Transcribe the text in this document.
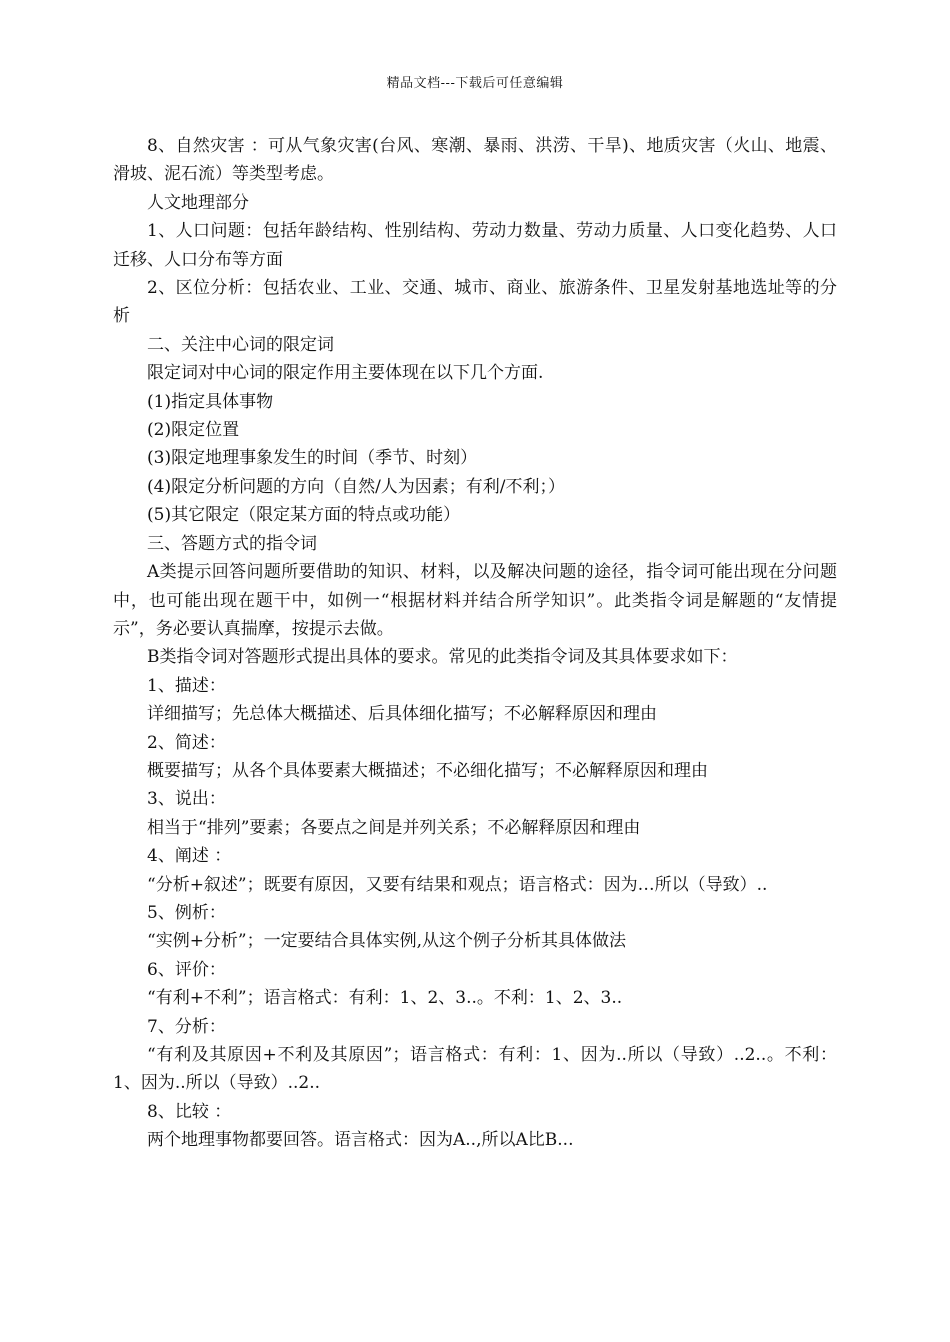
精品文档---下载后可任意编辑

8、自然灾害 ：可从气象灾害(台风、寒潮、暴雨、洪涝、干旱)、地质灾害（火山、地震、滑坡、泥石流）等类型考虑。

人文地理部分

1、人口问题：包括年龄结构、性别结构、劳动力数量、劳动力质量、人口变化趋势、人口迁移、人口分布等方面

2、区位分析：包括农业、工业、交通、城市、商业、旅游条件、卫星发射基地选址等的分析

二、关注中心词的限定词

限定词对中心词的限定作用主要体现在以下几个方面.

(1)指定具体事物

(2)限定位置

(3)限定地理事象发生的时间（季节、时刻）

(4)限定分析问题的方向（自然/人为因素；有利/不利；）

(5)其它限定（限定某方面的特点或功能）

三、答题方式的指令词

A类提示回答问题所要借助的知识、材料，以及解决问题的途径，指令词可能出现在分问题中，也可能出现在题干中，如例一“根据材料并结合所学知识”。此类指令词是解题的“友情提示”，务必要认真揣摩，按提示去做。

B类指令词对答题形式提出具体的要求。常见的此类指令词及其具体要求如下：

1、描述：

详细描写；先总体大概描述、后具体细化描写；不必解释原因和理由

2、简述：

概要描写；从各个具体要素大概描述；不必细化描写；不必解释原因和理由

3、说出：

相当于“排列”要素；各要点之间是并列关系；不必解释原因和理由

4、阐述 ：

“分析+叙述”；既要有原因，又要有结果和观点；语言格式：因为…所以（导致）..

5、例析：

“实例+分析”；一定要结合具体实例,从这个例子分析其具体做法

6、评价：

“有利+不利”；语言格式：有利：1、2、3..。不利：1、2、3..

7、分析：

“有利及其原因+不利及其原因”；语言格式：有利：1、因为..所以（导致）..2..。不利：1、因为..所以（导致）..2..

8、比较 ：

两个地理事物都要回答。语言格式：因为A..,所以A比B...
